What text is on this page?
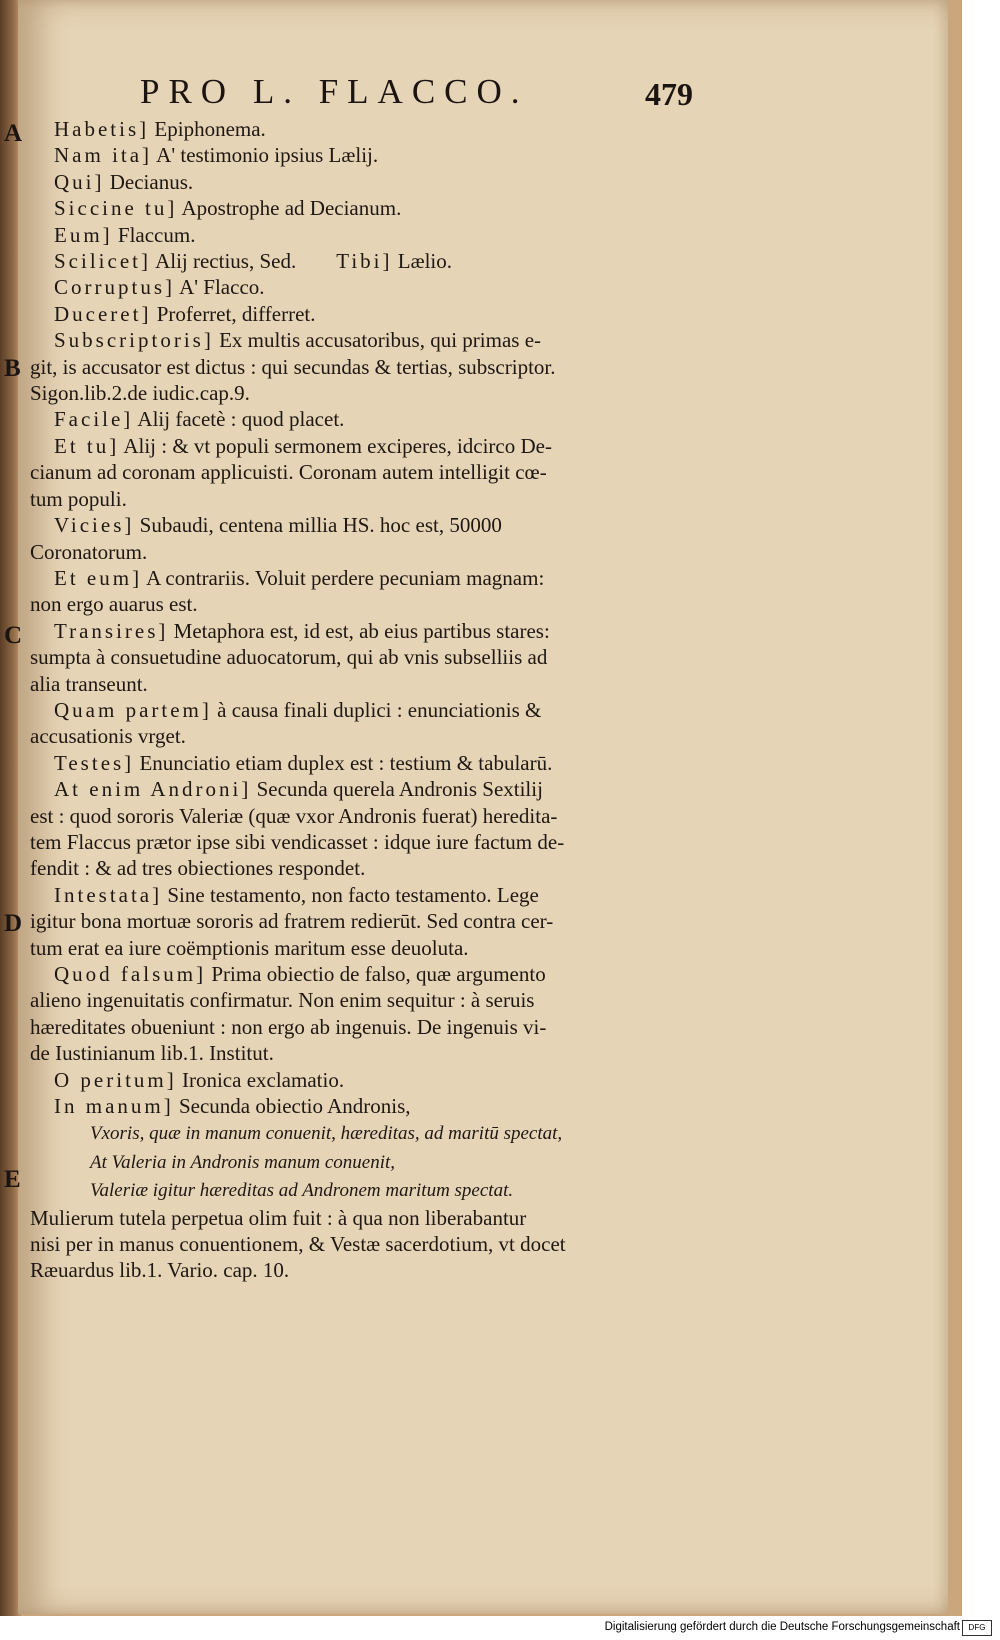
PRO L. FLACCO.	479
A
B
C
D
E
Habetis] Epiphonema.
Nam ita] A' testimonio ipsius Lælij.
Qui] Decianus.
Siccine tu] Apostrophe ad Decianum.
Eum] Flaccum.
Scilicet] Alij rectius, Sed. Tibi] Lælio.
Corruptus] A' Flacco.
Duceret] Proferret, differret.
Subscriptoris] Ex multis accusatoribus, qui primas e-
git, is accusator est dictus : qui secundas & tertias, subscriptor.
Sigon.lib.2.de iudic.cap.9.
Facile] Alij facetè : quod placet.
Et tu] Alij : & vt populi sermonem exciperes, idcirco De-
cianum ad coronam applicuisti. Coronam autem intelligit cœ-
tum populi.
Vicies] Subaudi, centena millia HS. hoc est, 50000
Coronatorum.
Et eum] A contrariis. Voluit perdere pecuniam magnam:
non ergo auarus est.
Transires] Metaphora est, id est, ab eius partibus stares:
sumpta à consuetudine aduocatorum, qui ab vnis subselliis ad
alia transeunt.
Quam partem] à causa finali duplici : enunciationis &
accusationis vrget.
Testes] Enunciatio etiam duplex est : testium & tabularū.
At enim Androni] Secunda querela Andronis Sextilij
est : quod sororis Valeriæ (quæ vxor Andronis fuerat) heredita-
tem Flaccus prætor ipse sibi vendicasset : idque iure factum de-
fendit : & ad tres obiectiones respondet.
Intestata] Sine testamento, non facto testamento. Lege
igitur bona mortuæ sororis ad fratrem redierūt. Sed contra cer-
tum erat ea iure coëmptionis maritum esse deuoluta.
Quod falsum] Prima obiectio de falso, quæ argumento
alieno ingenuitatis confirmatur. Non enim sequitur : à seruis
hæreditates obueniunt : non ergo ab ingenuis. De ingenuis vi-
de Iustinianum lib.1. Institut.
O peritum] Ironica exclamatio.
In manum] Secunda obiectio Andronis,
Vxoris, quæ in manum conuenit, hæreditas, ad maritū spectat,
At Valeria in Andronis manum conuenit,
Valeriæ igitur hæreditas ad Andronem maritum spectat.
Mulierum tutela perpetua olim fuit : à qua non liberabantur
nisi per in manus conuentionem, & Vestæ sacerdotium, vt docet
Ræuardus lib.1. Vario. cap. 10.
Digitalisierung gefördert durch die Deutsche Forschungsgemeinschaft	DFG
